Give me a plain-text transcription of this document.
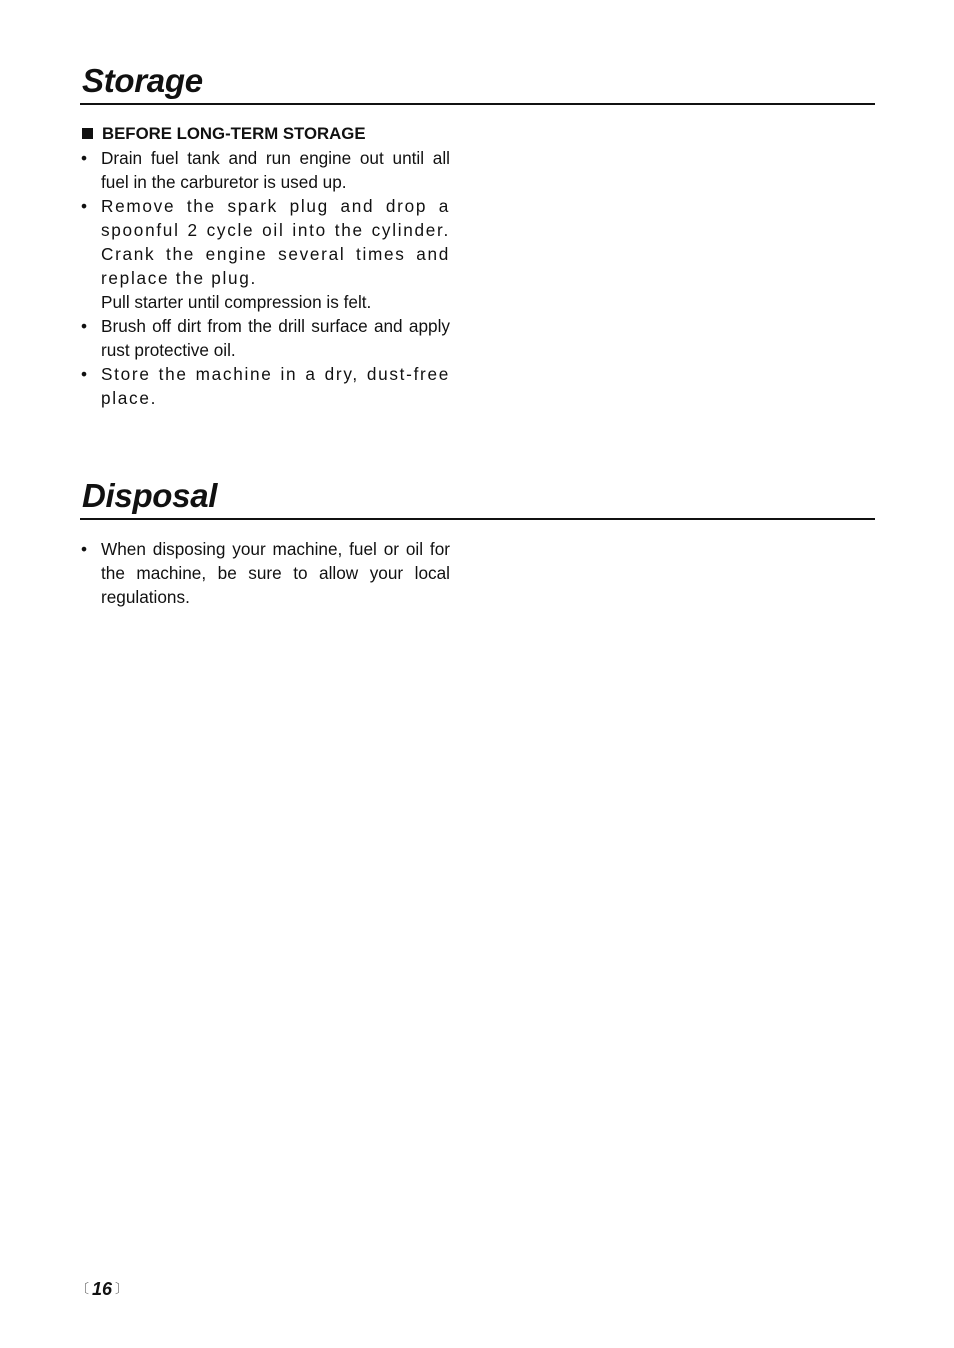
Storage
BEFORE LONG-TERM STORAGE
• Drain fuel tank and run engine out until all fuel in the carburetor is used up.
• Remove the spark plug and drop a spoonful 2 cycle oil into the cylinder. Crank the engine several times and replace the plug.
Pull starter until compression is felt.
• Brush off dirt from the drill surface and apply rust protective oil.
• Store the machine in a dry, dust-free place.
Disposal
• When disposing your machine, fuel or oil for the machine, be sure to allow your local regulations.
〔 16 〕
